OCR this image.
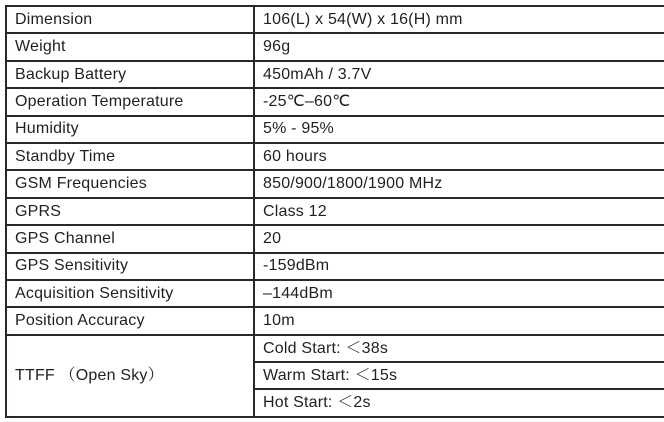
Dimension	106(L) x 54(W) x 16(H) mm
Weight	96g
Backup Battery	450mAh / 3.7V
Operation Temperature	-25℃–60℃
Humidity	5% - 95%
Standby Time	60 hours
GSM Frequencies	850/900/1800/1900 MHz
GPRS	Class 12
GPS Channel	20
GPS Sensitivity	-159dBm
Acquisition Sensitivity	–144dBm
Position Accuracy	10m
TTFF （Open Sky）	Cold Start: ＜38s
	Warm Start: ＜15s
	Hot Start: ＜2s
